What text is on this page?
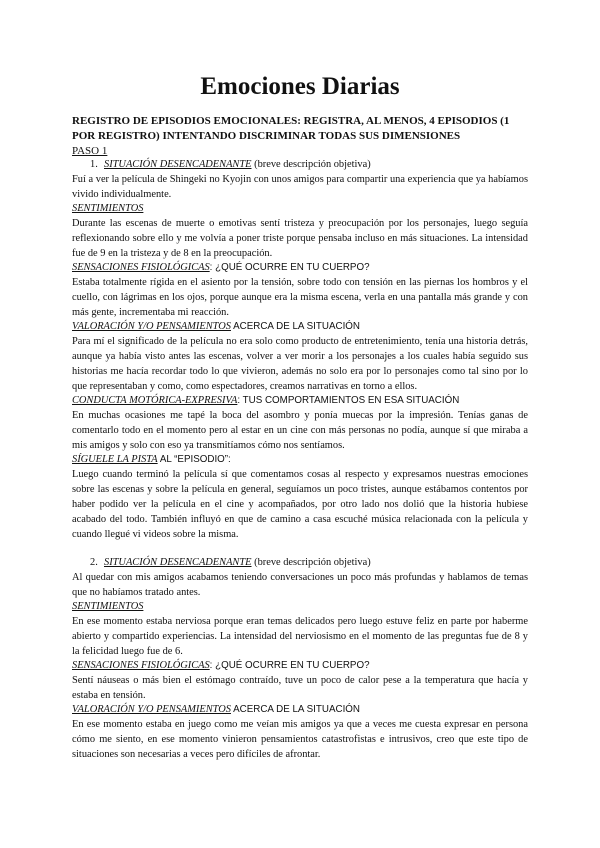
Emociones Diarias

REGISTRO DE EPISODIOS EMOCIONALES: REGISTRA, AL MENOS, 4 EPISODIOS (1 POR REGISTRO) INTENTANDO DISCRIMINAR TODAS SUS DIMENSIONES

PASO 1

1. SITUACIÓN DESENCADENANTE (breve descripción objetiva)

Fuí a ver la película de Shingeki no Kyojin con unos amigos para compartir una experiencia que ya habíamos vivido individualmente.

SENTIMIENTOS

Durante las escenas de muerte o emotivas sentí tristeza y preocupación por los personajes, luego seguía reflexionando sobre ello y me volvía a poner triste porque pensaba incluso en más situaciones. La intensidad fue de 9 en la tristeza y de 8 en la preocupación.

SENSACIONES FISIOLÓGICAS: ¿QUÉ OCURRE EN TU CUERPO?

Estaba totalmente rígida en el asiento por la tensión, sobre todo con tensión en las piernas los hombros y el cuello, con lágrimas en los ojos, porque aunque era la misma escena, verla en una pantalla más grande y con más gente, incrementaba mi reacción.

VALORACIÓN Y/O PENSAMIENTOS ACERCA DE LA SITUACIÓN

Para mí el significado de la película no era solo como producto de entretenimiento, tenía una historia detrás, aunque ya había visto antes las escenas, volver a ver morir a los personajes a los cuales había seguido sus historias me hacía recordar todo lo que vivieron, además no solo era por lo personajes como tal sino por lo que representaban y como, como espectadores, creamos narrativas en torno a ellos.

CONDUCTA MOTÓRICA-EXPRESIVA: TUS COMPORTAMIENTOS EN ESA SITUACIÓN

En muchas ocasiones me tapé la boca del asombro y ponía muecas por la impresión. Tenías ganas de comentarlo todo en el momento pero al estar en un cine con más personas no podía, aunque sí que miraba a mis amigos y solo con eso ya transmitíamos cómo nos sentíamos.

SÍGUELE LA PISTA AL “EPISODIO”:

Luego cuando terminó la película sí que comentamos cosas al respecto y expresamos nuestras emociones sobre las escenas y sobre la película en general, seguíamos un poco tristes, aunque estábamos contentos por haber podido ver la película en el cine y acompañados, por otro lado nos dolió que la historia hubiese acabado del todo. También influyó en que de camino a casa escuché música relacionada con la película y cuando llegué vi videos sobre la misma.

2. SITUACIÓN DESENCADENANTE (breve descripción objetiva)

Al quedar con mis amigos acabamos teniendo conversaciones un poco más profundas y hablamos de temas que no habíamos tratado antes.

SENTIMIENTOS

En ese momento estaba nerviosa porque eran temas delicados pero luego estuve feliz en parte por haberme abierto y compartido experiencias. La intensidad del nerviosismo en el momento de las preguntas fue de 8 y la felicidad luego fue de 6.

SENSACIONES FISIOLÓGICAS: ¿QUÉ OCURRE EN TU CUERPO?

Sentí náuseas o más bien el estómago contraído, tuve un poco de calor pese a la temperatura que hacía y estaba en tensión.

VALORACIÓN Y/O PENSAMIENTOS ACERCA DE LA SITUACIÓN

En ese momento estaba en juego como me veían mis amigos ya que a veces me cuesta expresar en persona cómo me siento, en ese momento vinieron pensamientos catastrofistas e intrusivos, creo que este tipo de situaciones son necesarias a veces pero difíciles de afrontar.
